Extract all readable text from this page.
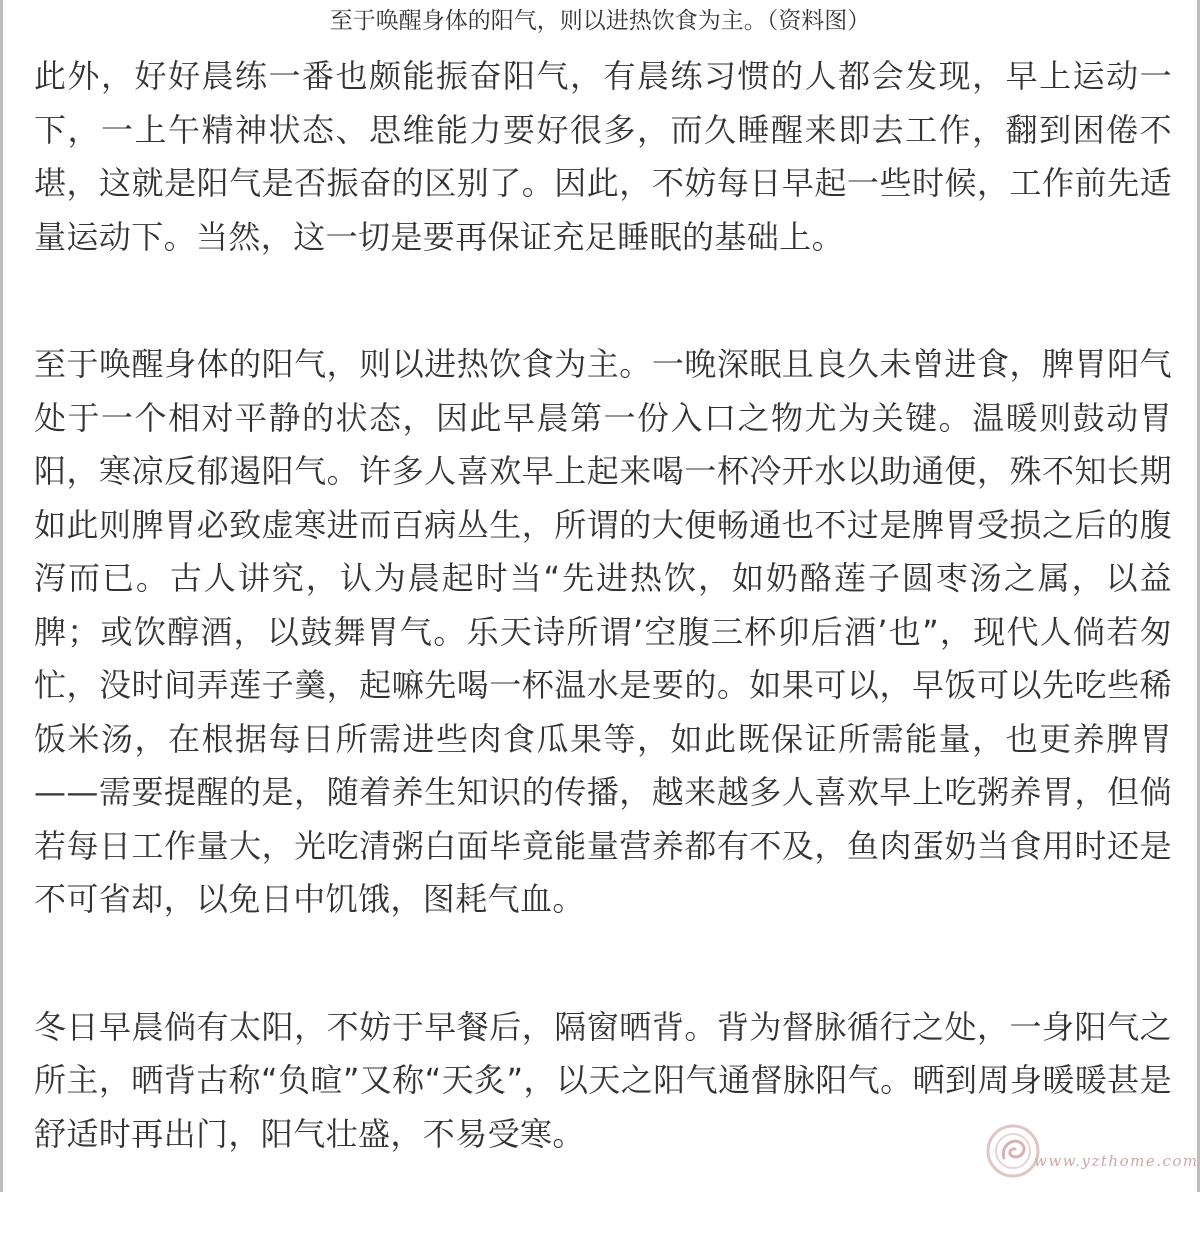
至于唤醒身体的阳气，则以进热饮食为主。（资料图）

此外，好好晨练一番也颇能振奋阳气，有晨练习惯的人都会发现，早上运动一下，一上午精神状态、思维能力要好很多，而久睡醒来即去工作，翻到困倦不堪，这就是阳气是否振奋的区别了。因此，不妨每日早起一些时候，工作前先适量运动下。当然，这一切是要再保证充足睡眠的基础上。

至于唤醒身体的阳气，则以进热饮食为主。一晚深眠且良久未曾进食，脾胃阳气处于一个相对平静的状态，因此早晨第一份入口之物尤为关键。温暖则鼓动胃阳，寒凉反郁遏阳气。许多人喜欢早上起来喝一杯冷开水以助通便，殊不知长期如此则脾胃必致虚寒进而百病丛生，所谓的大便畅通也不过是脾胃受损之后的腹泻而已。古人讲究，认为晨起时当“先进热饮，如奶酪莲子圆枣汤之属，以益脾；或饮醇酒，以鼓舞胃气。乐天诗所谓’空腹三杯卯后酒’也”，现代人倘若匆忙，没时间弄莲子羹，起嘛先喝一杯温水是要的。如果可以，早饭可以先吃些稀饭米汤，在根据每日所需进些肉食瓜果等，如此既保证所需能量，也更养脾胃——需要提醒的是，随着养生知识的传播，越来越多人喜欢早上吃粥养胃，但倘若每日工作量大，光吃清粥白面毕竟能量营养都有不及，鱼肉蛋奶当食用时还是不可省却，以免日中饥饿，图耗气血。

冬日早晨倘有太阳，不妨于早餐后，隔窗晒背。背为督脉循行之处，一身阳气之所主，晒背古称“负暄”又称“天炙”，以天之阳气通督脉阳气。晒到周身暖暖甚是舒适时再出门，阳气壮盛，不易受寒。

www.yzthome.com
